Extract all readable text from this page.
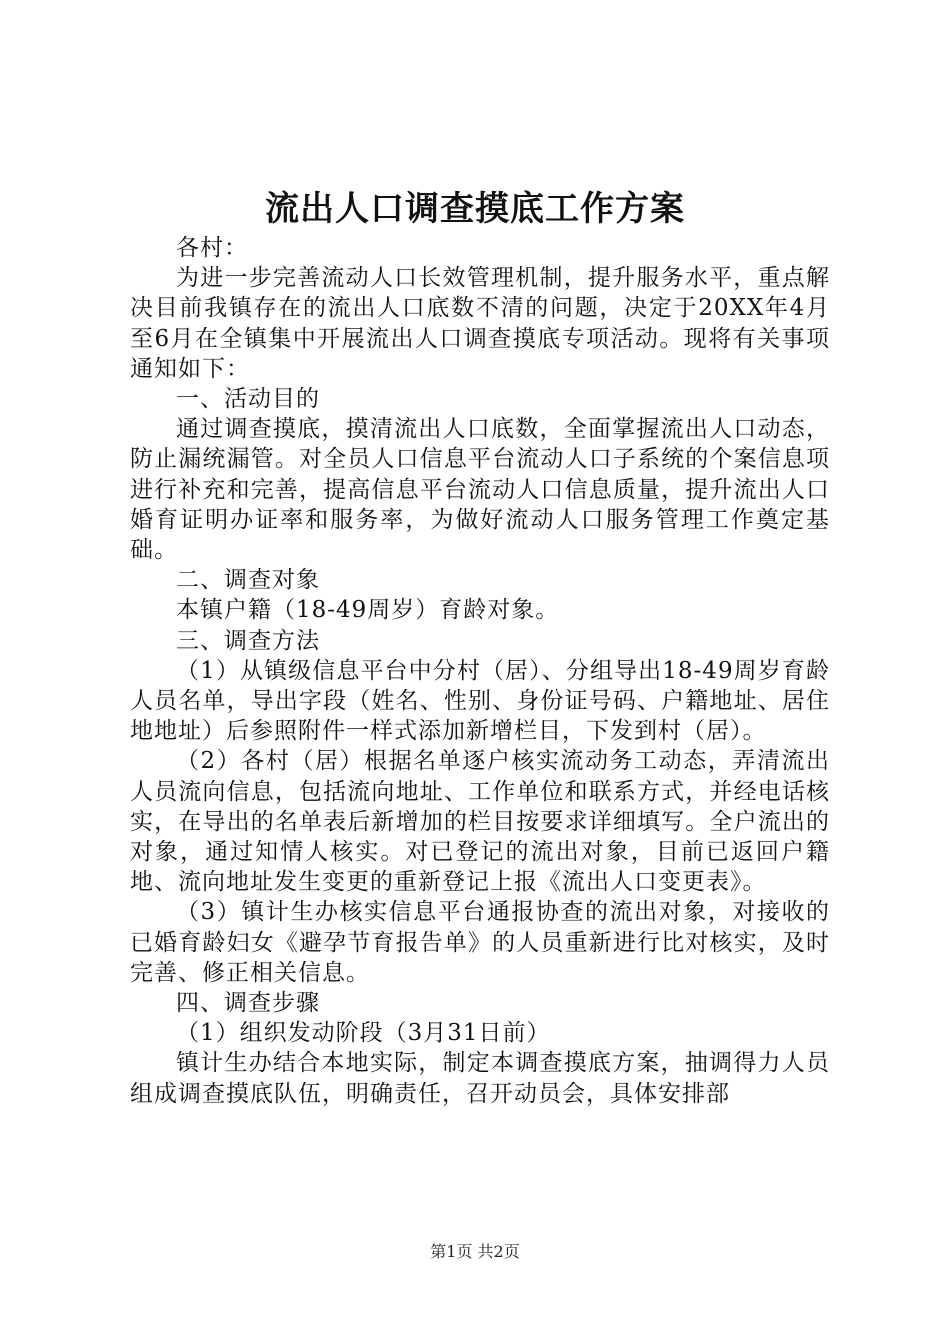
流出人口调查摸底工作方案

各村：

为进一步完善流动人口长效管理机制，提升服务水平，重点解决目前我镇存在的流出人口底数不清的问题，决定于20XX年4月至6月在全镇集中开展流出人口调查摸底专项活动。现将有关事项通知如下：

一、活动目的

通过调查摸底，摸清流出人口底数，全面掌握流出人口动态，防止漏统漏管。对全员人口信息平台流动人口子系统的个案信息项进行补充和完善，提高信息平台流动人口信息质量，提升流出人口婚育证明办证率和服务率，为做好流动人口服务管理工作奠定基础。

二、调查对象

本镇户籍（18-49周岁）育龄对象。

三、调查方法

（1）从镇级信息平台中分村（居）、分组导出18-49周岁育龄人员名单，导出字段（姓名、性别、身份证号码、户籍地址、居住地地址）后参照附件一样式添加新增栏目，下发到村（居）。

（2）各村（居）根据名单逐户核实流动务工动态，弄清流出人员流向信息，包括流向地址、工作单位和联系方式，并经电话核实，在导出的名单表后新增加的栏目按要求详细填写。全户流出的对象，通过知情人核实。对已登记的流出对象，目前已返回户籍地、流向地址发生变更的重新登记上报《流出人口变更表》。

（3）镇计生办核实信息平台通报协查的流出对象，对接收的已婚育龄妇女《避孕节育报告单》的人员重新进行比对核实，及时完善、修正相关信息。

四、调查步骤

（1）组织发动阶段（3月31日前）

镇计生办结合本地实际，制定本调查摸底方案，抽调得力人员组成调查摸底队伍，明确责任，召开动员会，具体安排部

第1页 共2页
